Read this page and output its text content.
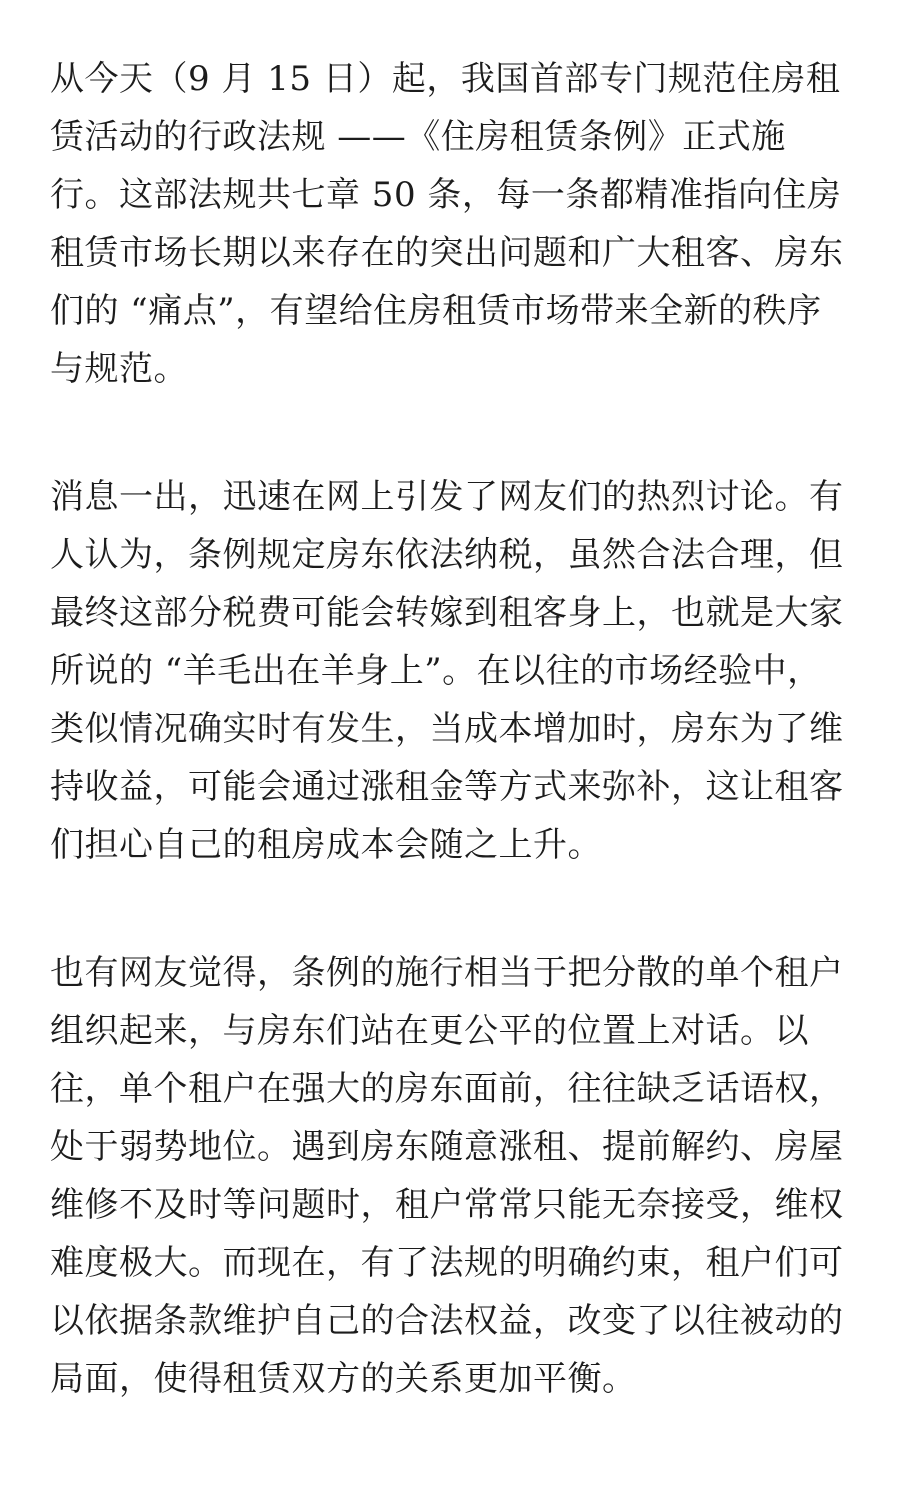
从今天（9 月 15 日）起，我国首部专门规范住房租赁活动的行政法规 ——《住房租赁条例》正式施行。这部法规共七章 50 条，每一条都精准指向住房租赁市场长期以来存在的突出问题和广大租客、房东们的 “痛点”，有望给住房租赁市场带来全新的秩序与规范。

消息一出，迅速在网上引发了网友们的热烈讨论。有人认为，条例规定房东依法纳税，虽然合法合理，但最终这部分税费可能会转嫁到租客身上，也就是大家所说的 “羊毛出在羊身上”。在以往的市场经验中，类似情况确实时有发生，当成本增加时，房东为了维持收益，可能会通过涨租金等方式来弥补，这让租客们担心自己的租房成本会随之上升。

也有网友觉得，条例的施行相当于把分散的单个租户组织起来，与房东们站在更公平的位置上对话。以往，单个租户在强大的房东面前，往往缺乏话语权，处于弱势地位。遇到房东随意涨租、提前解约、房屋维修不及时等问题时，租户常常只能无奈接受，维权难度极大。而现在，有了法规的明确约束，租户们可以依据条款维护自己的合法权益，改变了以往被动的局面，使得租赁双方的关系更加平衡。
